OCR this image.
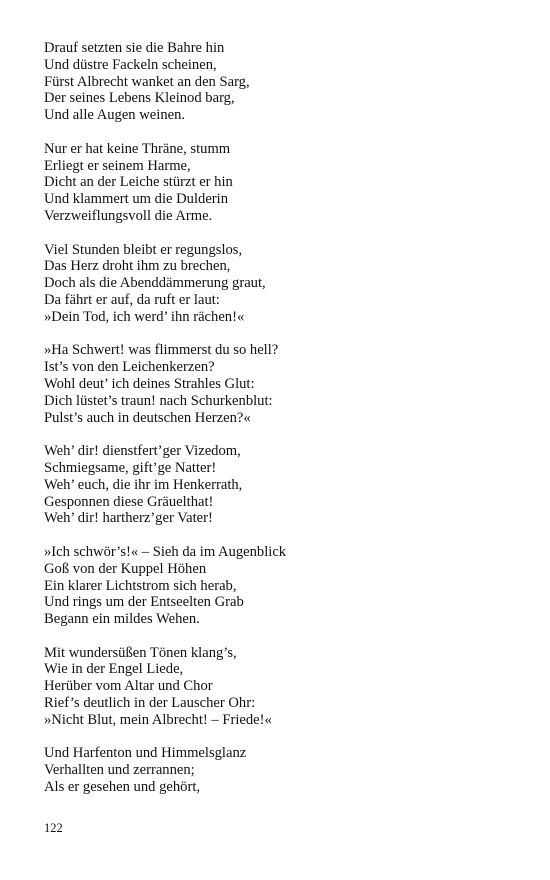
Drauf setzten sie die Bahre hin
Und düstre Fackeln scheinen,
Fürst Albrecht wanket an den Sarg,
Der seines Lebens Kleinod barg,
Und alle Augen weinen.
Nur er hat keine Thräne, stumm
Erliegt er seinem Harme,
Dicht an der Leiche stürzt er hin
Und klammert um die Dulderin
Verzweiflungsvoll die Arme.
Viel Stunden bleibt er regungslos,
Das Herz droht ihm zu brechen,
Doch als die Abenddämmerung graut,
Da fährt er auf, da ruft er laut:
»Dein Tod, ich werd’ ihn rächen!«
»Ha Schwert! was flimmerst du so hell?
Ist’s von den Leichenkerzen?
Wohl deut’ ich deines Strahles Glut:
Dich lüstet’s traun! nach Schurkenblut:
Pulst’s auch in deutschen Herzen?«
Weh’ dir! dienstfert’ger Vizedom,
Schmiegsame, gift’ge Natter!
Weh’ euch, die ihr im Henkerrath,
Gesponnen diese Gräuelthat!
Weh’ dir! hartherz’ger Vater!
»Ich schwör’s!« – Sieh da im Augenblick
Goß von der Kuppel Höhen
Ein klarer Lichtstrom sich herab,
Und rings um der Entseelten Grab
Begann ein mildes Wehen.
Mit wundersüßen Tönen klang’s,
Wie in der Engel Liede,
Herüber vom Altar und Chor
Rief’s deutlich in der Lauscher Ohr:
»Nicht Blut, mein Albrecht! – Friede!«
Und Harfenton und Himmelsglanz
Verhallten und zerrannen;
Als er gesehen und gehört,
122
